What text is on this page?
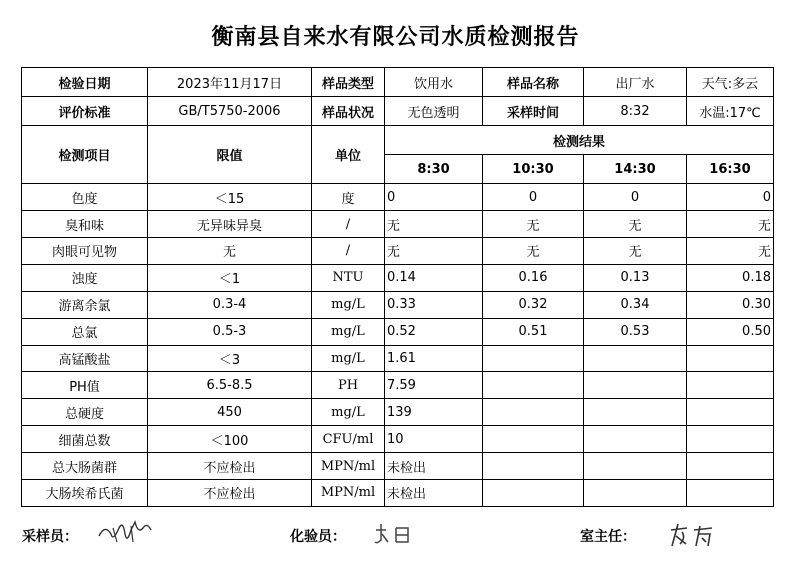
衡南县自来水有限公司水质检测报告
检验日期	2023年11月17日	样品类型	饮用水	样品名称	出厂水	天气:多云
评价标准	GB/T5750-2006	样品状况	无色透明	采样时间	8:32	水温:17℃
检测项目	限值	单位	检测结果			
			8:30	10:30	14:30	16:30
色度	＜15	度	0	0	0	0
臭和味	无异味异臭	/	无	无	无	无
肉眼可见物	无	/	无	无	无	无
浊度	＜1	NTU	0.14	0.16	0.13	0.18
游离余氯	0.3-4	mg/L	0.33	0.32	0.34	0.30
总氯	0.5-3	mg/L	0.52	0.51	0.53	0.50
高锰酸盐	＜3	mg/L	1.61			
PH值	6.5-8.5	PH	7.59			
总硬度	450	mg/L	139			
细菌总数	＜100	CFU/ml	10			
总大肠菌群	不应检出	MPN/ml	未检出			
大肠埃希氏菌	不应检出	MPN/ml	未检出			
采样员：	化验员：	室主任：
